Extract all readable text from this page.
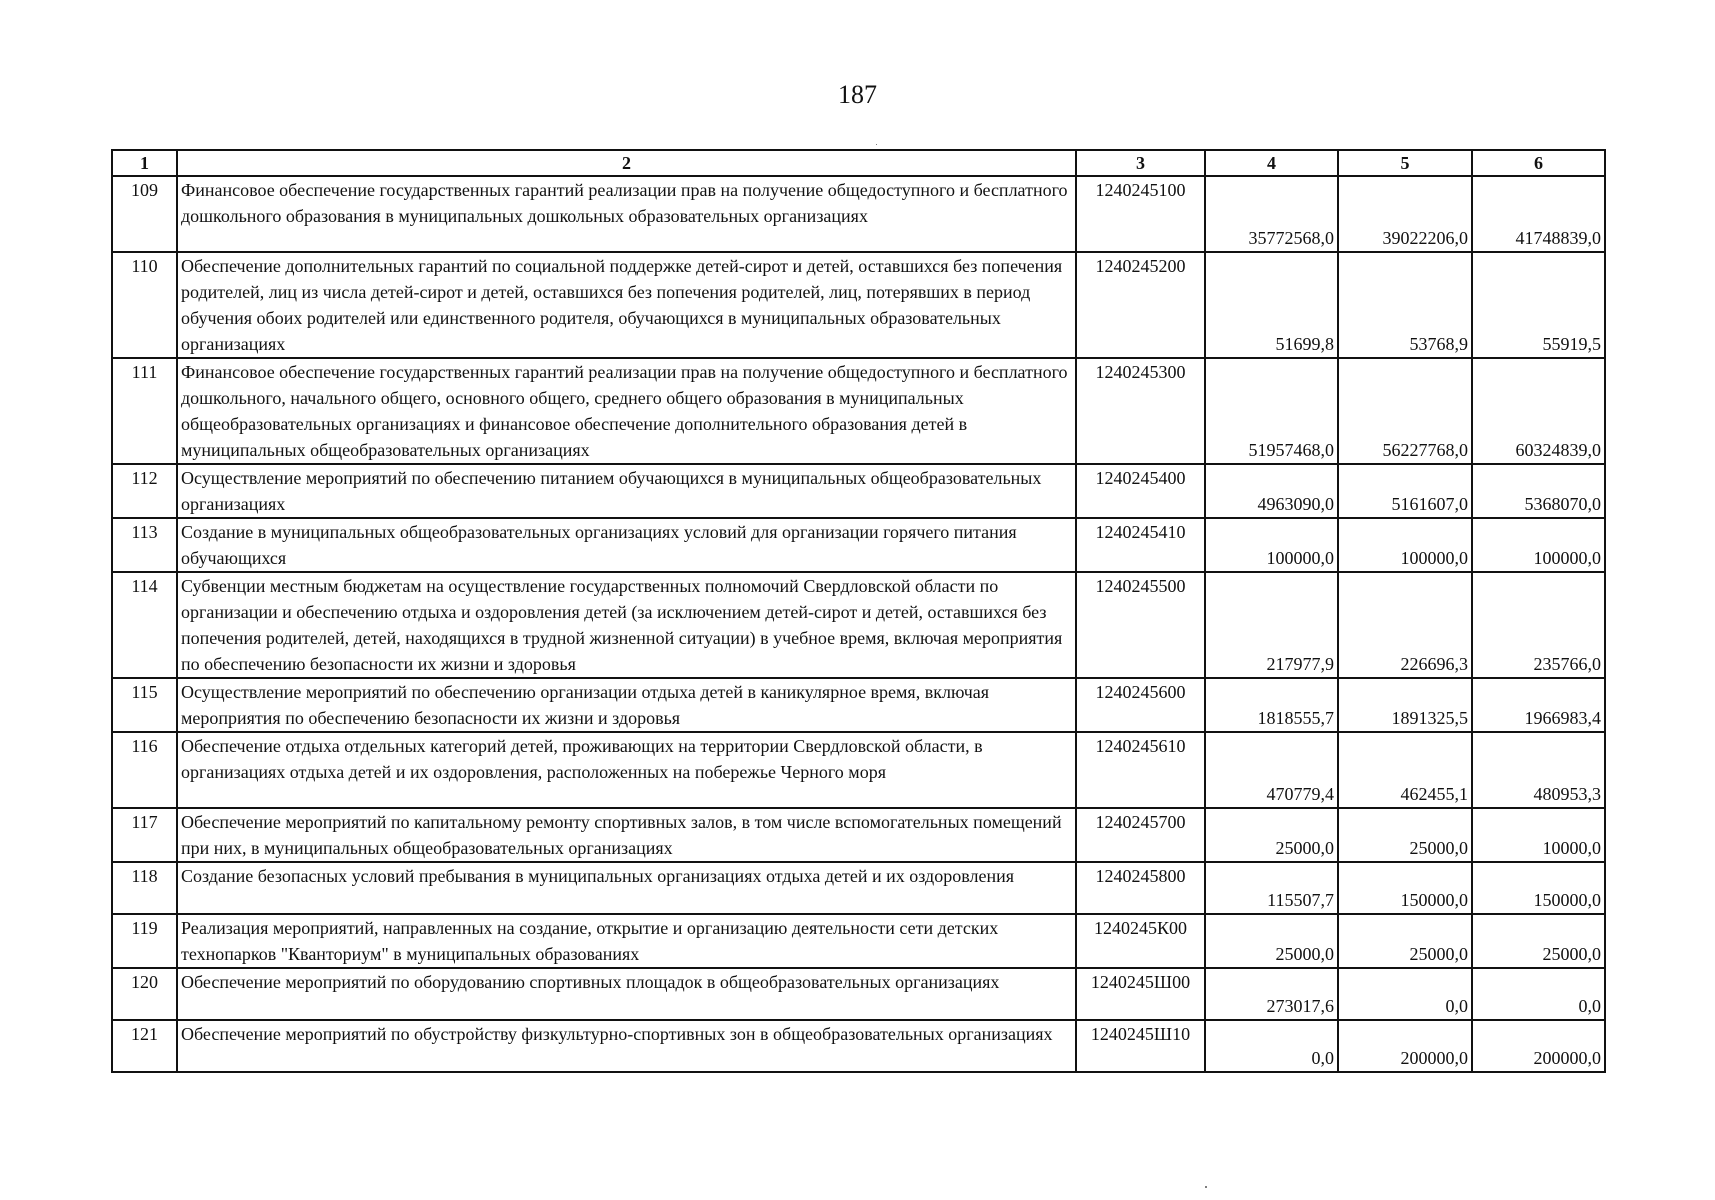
187
1	2	3	4	5	6
109	Финансовое обеспечение государственных гарантий реализации прав на получение общедоступного и бесплатного дошкольного образования в муниципальных дошкольных образовательных организациях	1240245100	35772568,0	39022206,0	41748839,0
110	Обеспечение дополнительных гарантий по социальной поддержке детей-сирот и детей, оставшихся без попечения родителей, лиц из числа детей-сирот и детей, оставшихся без попечения родителей, лиц, потерявших в период обучения обоих родителей или единственного родителя, обучающихся в муниципальных образовательных организациях	1240245200	51699,8	53768,9	55919,5
111	Финансовое обеспечение государственных гарантий реализации прав на получение общедоступного и бесплатного дошкольного, начального общего, основного общего, среднего общего образования в муниципальных общеобразовательных организациях и финансовое обеспечение дополнительного образования детей в муниципальных общеобразовательных организациях	1240245300	51957468,0	56227768,0	60324839,0
112	Осуществление мероприятий по обеспечению питанием обучающихся в муниципальных общеобразовательных организациях	1240245400	4963090,0	5161607,0	5368070,0
113	Создание в муниципальных общеобразовательных организациях условий для организации горячего питания обучающихся	1240245410	100000,0	100000,0	100000,0
114	Субвенции местным бюджетам на осуществление государственных полномочий Свердловской области по организации и обеспечению отдыха и оздоровления детей (за исключением детей-сирот и детей, оставшихся без попечения родителей, детей, находящихся в трудной жизненной ситуации) в учебное время, включая мероприятия по обеспечению безопасности их жизни и здоровья	1240245500	217977,9	226696,3	235766,0
115	Осуществление мероприятий по обеспечению организации отдыха детей в каникулярное время, включая мероприятия по обеспечению безопасности их жизни и здоровья	1240245600	1818555,7	1891325,5	1966983,4
116	Обеспечение отдыха отдельных категорий детей, проживающих на территории Свердловской области, в организациях отдыха детей и их оздоровления, расположенных на побережье Черного моря	1240245610	470779,4	462455,1	480953,3
117	Обеспечение мероприятий по капитальному ремонту спортивных залов, в том числе вспомогательных помещений при них, в муниципальных общеобразовательных организациях	1240245700	25000,0	25000,0	10000,0
118	Создание безопасных условий пребывания в муниципальных организациях отдыха детей и их оздоровления	1240245800	115507,7	150000,0	150000,0
119	Реализация мероприятий, направленных на создание, открытие и организацию деятельности сети детских технопарков "Кванториум" в муниципальных образованиях	1240245К00	25000,0	25000,0	25000,0
120	Обеспечение мероприятий по оборудованию спортивных площадок в общеобразовательных организациях	1240245Ш00	273017,6	0,0	0,0
121	Обеспечение мероприятий по обустройству физкультурно-спортивных зон в общеобразовательных организациях	1240245Ш10	0,0	200000,0	200000,0
